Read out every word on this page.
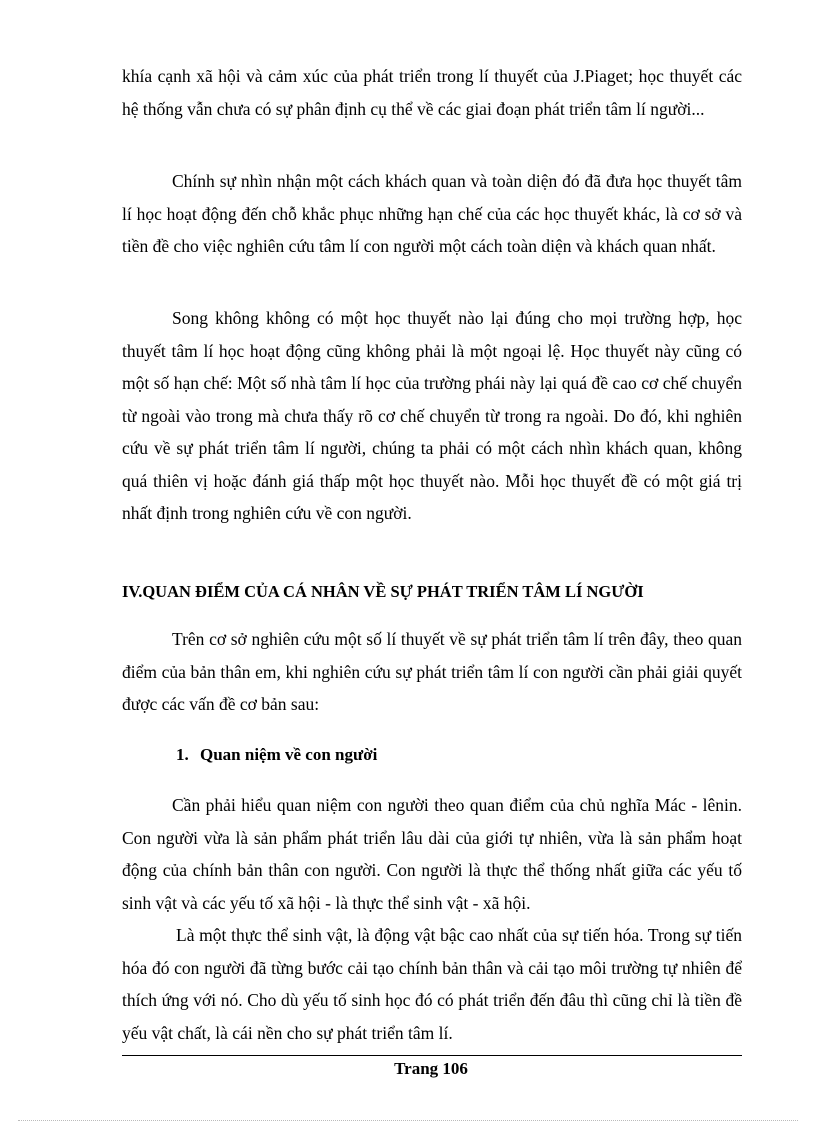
khía cạnh xã hội và cảm xúc của phát triển trong lí thuyết của J.Piaget; học thuyết các hệ thống vẫn chưa có sự phân định cụ thể về các giai đoạn phát triển tâm lí người...

Chính sự nhìn nhận một cách khách quan và toàn diện đó đã đưa học thuyết tâm lí học hoạt động đến chỗ khắc phục những hạn chế của các học thuyết khác, là cơ sở và tiền đề cho việc nghiên cứu tâm lí con người một cách toàn diện và khách quan nhất.

Song không không có một học thuyết nào lại đúng cho mọi trường hợp, học thuyết tâm lí học hoạt động cũng không phải là một ngoại lệ. Học thuyết này cũng có một số hạn chế: Một số nhà tâm lí học của trường phái này lại quá đề cao cơ chế chuyển từ ngoài vào trong mà chưa thấy rõ cơ chế chuyển từ trong ra ngoài. Do đó, khi nghiên cứu về sự phát triển tâm lí người, chúng ta phải có một cách nhìn khách quan, không quá thiên vị hoặc đánh giá thấp một học thuyết nào. Mỗi học thuyết đề có một giá trị nhất định trong nghiên cứu về con người.

IV.QUAN ĐIỂM CỦA CÁ NHÂN VỀ SỰ PHÁT TRIỂN TÂM LÍ NGƯỜI

Trên cơ sở nghiên cứu một số lí thuyết về sự phát triển tâm lí trên đây, theo quan điểm của bản thân em, khi nghiên cứu sự phát triển tâm lí con người cần phải giải quyết được các vấn đề cơ bản sau:

1. Quan niệm về con người

Cần phải hiểu quan niệm con người theo quan điểm của chủ nghĩa Mác - lênin. Con người vừa là sản phẩm phát triển lâu dài của giới tự nhiên, vừa là sản phẩm hoạt động của chính bản thân con người. Con người là thực thể thống nhất giữa các yếu tố sinh vật và các yếu tố xã hội - là thực thể sinh vật - xã hội.

Là một thực thể sinh vật, là động vật bậc cao nhất của sự tiến hóa. Trong sự tiến hóa đó con người đã từng bước cải tạo chính bản thân và cải tạo môi trường tự nhiên để thích ứng với nó. Cho dù yếu tố sinh học đó có phát triển đến đâu thì cũng chỉ là tiền đề yếu vật chất, là cái nền cho sự phát triển tâm lí.

Trang 106
